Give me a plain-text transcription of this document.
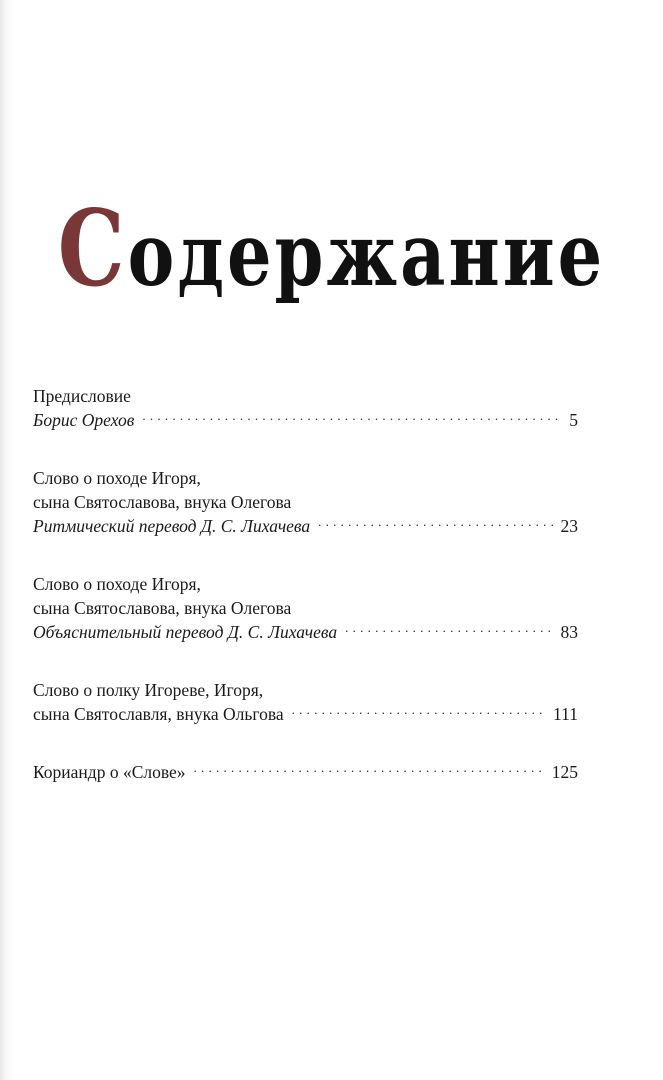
Содержание
Предисловие
Борис Орехов . . .	5
Слово о походе Игоря,
сына Святославова, внука Олегова
Ритмический перевод Д. С. Лихачева . . .	23
Слово о походе Игоря,
сына Святославова, внука Олегова
Объяснительный перевод Д. С. Лихачева . . .	83
Слово о полку Игореве, Игоря,
сына Святославля, внука Ольгова . . .	111
Кориандр о «Слове» . . .	125
